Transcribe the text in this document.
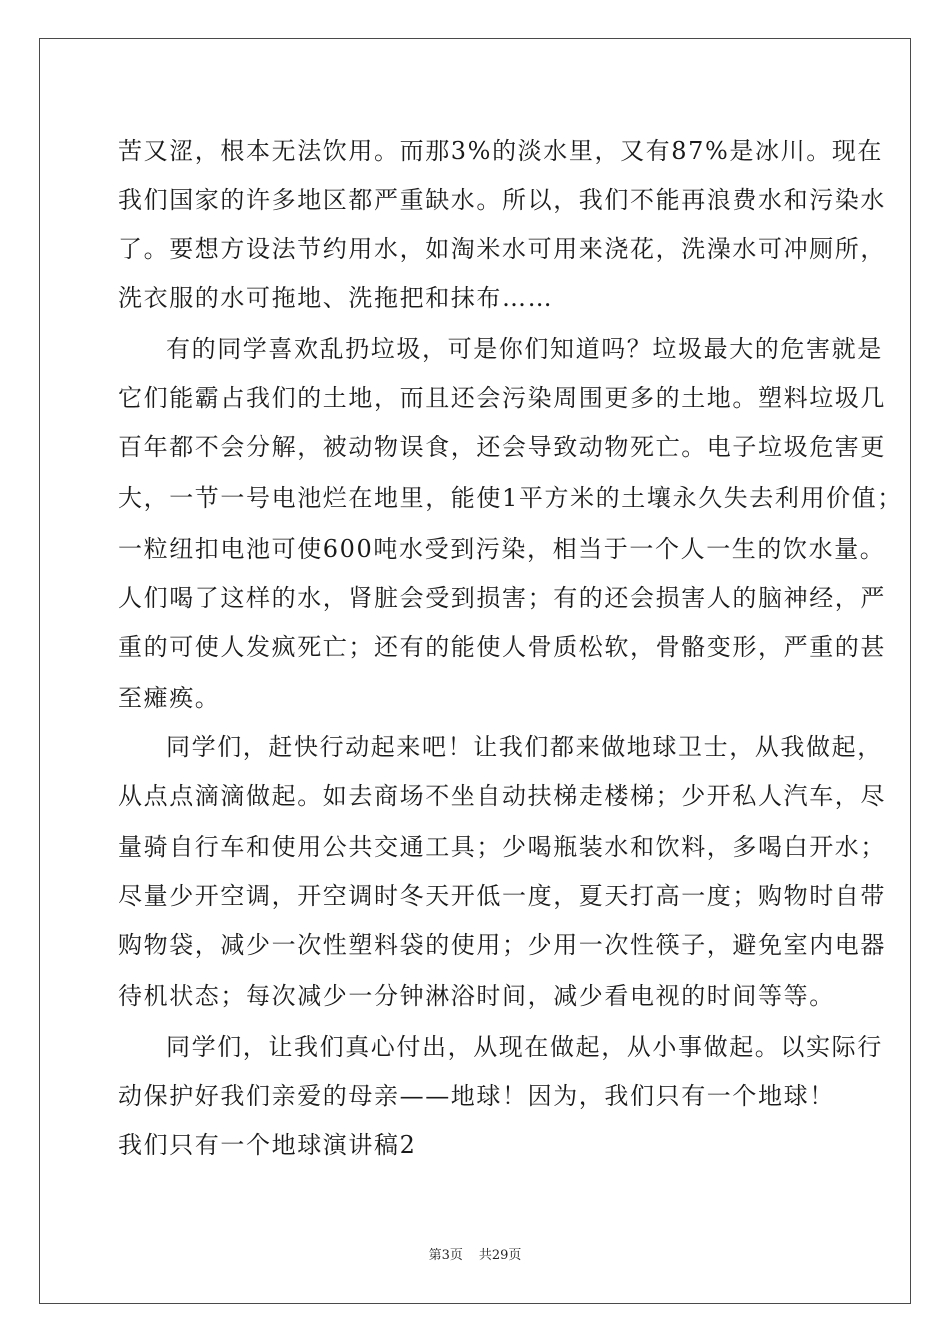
苦又涩，根本无法饮用。而那3%的淡水里，又有87%是冰川。现在
我们国家的许多地区都严重缺水。所以，我们不能再浪费水和污染水
了。要想方设法节约用水，如淘米水可用来浇花，洗澡水可冲厕所，
洗衣服的水可拖地、洗拖把和抹布……
有的同学喜欢乱扔垃圾，可是你们知道吗？垃圾最大的危害就是
它们能霸占我们的土地，而且还会污染周围更多的土地。塑料垃圾几
百年都不会分解，被动物误食，还会导致动物死亡。电子垃圾危害更
大，一节一号电池烂在地里，能使1平方米的土壤永久失去利用价值；
一粒纽扣电池可使600吨水受到污染，相当于一个人一生的饮水量。
人们喝了这样的水，肾脏会受到损害；有的还会损害人的脑神经，严
重的可使人发疯死亡；还有的能使人骨质松软，骨骼变形，严重的甚
至瘫痪。
同学们，赶快行动起来吧！让我们都来做地球卫士，从我做起，
从点点滴滴做起。如去商场不坐自动扶梯走楼梯；少开私人汽车，尽
量骑自行车和使用公共交通工具；少喝瓶装水和饮料，多喝白开水；
尽量少开空调，开空调时冬天开低一度，夏天打高一度；购物时自带
购物袋，减少一次性塑料袋的使用；少用一次性筷子，避免室内电器
待机状态；每次减少一分钟淋浴时间，减少看电视的时间等等。
同学们，让我们真心付出，从现在做起，从小事做起。以实际行
动保护好我们亲爱的母亲——地球！因为，我们只有一个地球！
我们只有一个地球演讲稿2
第3页 共29页
